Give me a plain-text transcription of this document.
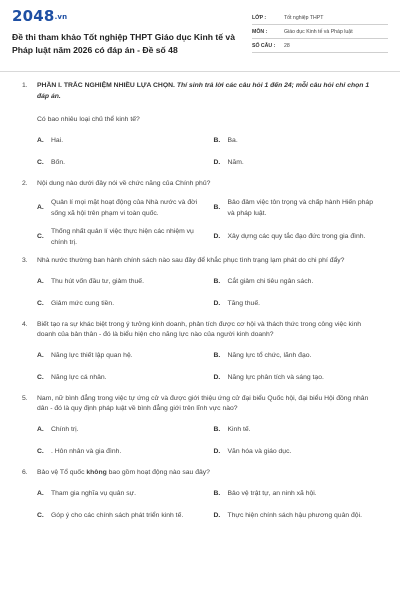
2048.vn
Đề thi tham khảo Tốt nghiệp THPT Giáo dục Kinh tế và Pháp luật năm 2026 có đáp án - Đề số 48
LỚP :	Tốt nghiệp THPT
MÔN :	Giáo dục Kinh tế và Pháp luật
SỐ CÂU :	28
1.	PHẦN I. TRẮC NGHIỆM NHIỀU LỰA CHỌN. Thí sinh trả lời các câu hỏi 1 đến 24; mỗi câu hỏi chỉ chọn 1 đáp án.
Có bao nhiêu loại chủ thể kinh tế?
A.	Hai.	B.	Ba.
C.	Bốn.	D.	Năm.
2.	Nội dung nào dưới đây nói về chức năng của Chính phủ?
A.
Quản lí mọi mặt hoạt động của Nhà nước và đời sống xã hội trên phạm vi toàn quốc.
B.
Bảo đảm việc tôn trọng và chấp hành Hiến pháp và pháp luật.
C.
Thống nhất quản lí việc thực hiện các nhiệm vụ chính trị.
D.	Xây dựng các quy tắc đạo đức trong gia đình.
3.	Nhà nước thường ban hành chính sách nào sau đây để khắc phục tình trạng lạm phát do chi phí đẩy?
A.	Thu hút vốn đầu tư, giảm thuế.	B.	Cắt giảm chi tiêu ngân sách.
C.	Giảm mức cung tiền.	D.	Tăng thuế.
4.	Biết tạo ra sự khác biệt trong ý tưởng kinh doanh, phản tích được cơ hội và thách thức trong công việc kinh doanh của bản thân - đó là biểu hiện cho năng lực nào của người kinh doanh?
A.	Năng lực thiết lập quan hệ.	B.	Năng lực tổ chức, lãnh đạo.
C.	Năng lực cá nhân.	D.	Năng lực phân tích và sáng tạo.
5.	Nam, nữ bình đẳng trong việc tự ứng cử và được giới thiệu ứng cử đại biểu Quốc hội, đại biểu Hội đồng nhân dân - đó là quy định pháp luật về bình đẳng giới trên lĩnh vực nào?
A.	Chính trị.	B.	Kinh tế.
C.	. Hôn nhân và gia đình.	D.	Văn hóa và giáo dục.
6.	Bảo vệ Tổ quốc không bao gồm hoạt động nào sau đây?
A.	Tham gia nghĩa vụ quân sự.	B.	Bảo vệ trật tự, an ninh xã hội.
C.	Góp ý cho các chính sách phát triển kinh tế.	D.	Thực hiện chính sách hậu phương quân đội.
